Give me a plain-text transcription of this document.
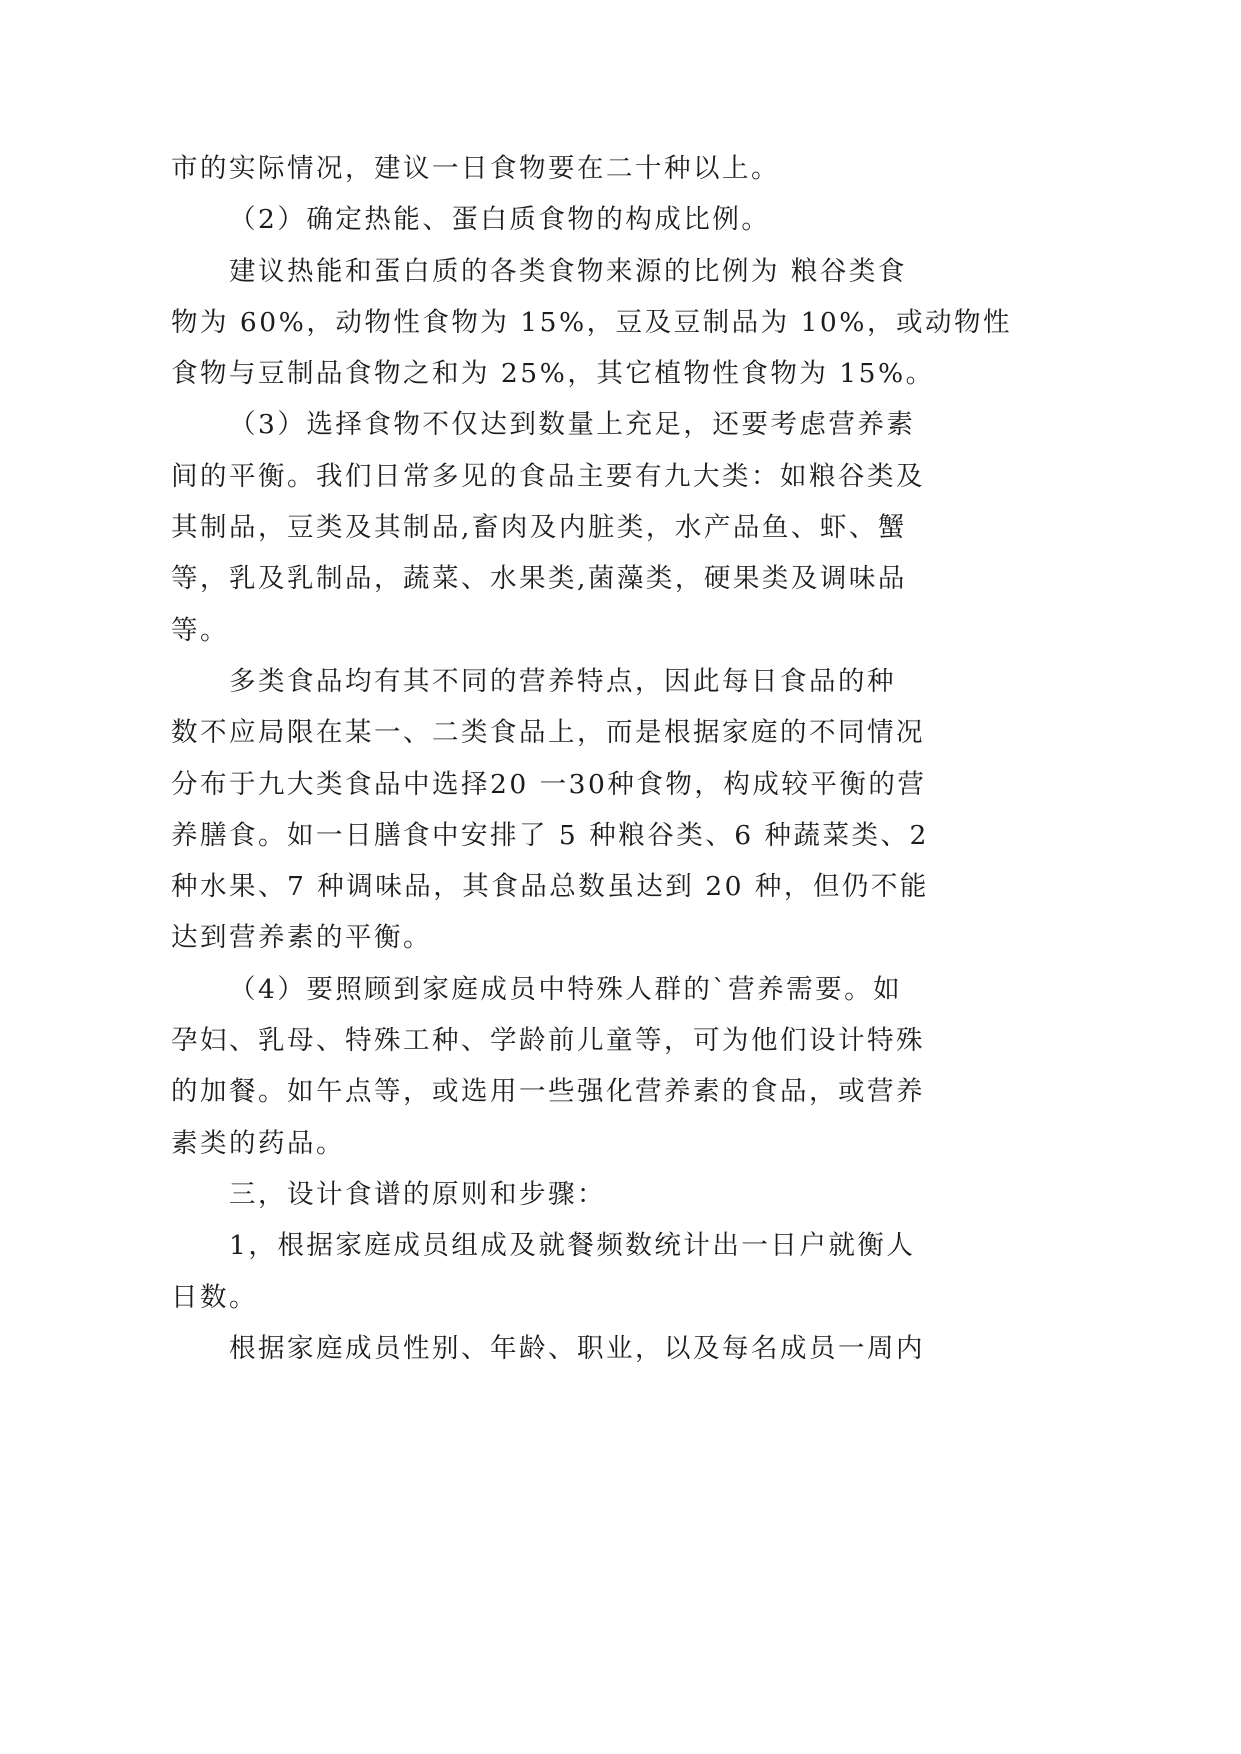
市的实际情况，建议一日食物要在二十种以上。
（2）确定热能、蛋白质食物的构成比例。
建议热能和蛋白质的各类食物来源的比例为 粮谷类食
物为 60%，动物性食物为 15%，豆及豆制品为 10%，或动物性
食物与豆制品食物之和为 25%，其它植物性食物为 15%。
（3）选择食物不仅达到数量上充足，还要考虑营养素
间的平衡。我们日常多见的食品主要有九大类：如粮谷类及
其制品，豆类及其制品,畜肉及内脏类，水产品鱼、虾、蟹
等，乳及乳制品，蔬菜、水果类,菌藻类，硬果类及调味品
等。
多类食品均有其不同的营养特点，因此每日食品的种
数不应局限在某一、二类食品上，而是根据家庭的不同情况
分布于九大类食品中选择20 一30种食物，构成较平衡的营
养膳食。如一日膳食中安排了 5 种粮谷类、6 种蔬菜类、2
种水果、7 种调味品，其食品总数虽达到 20 种，但仍不能
达到营养素的平衡。
（4）要照顾到家庭成员中特殊人群的`营养需要。如
孕妇、乳母、特殊工种、学龄前儿童等，可为他们设计特殊
的加餐。如午点等，或选用一些强化营养素的食品，或营养
素类的药品。
三，设计食谱的原则和步骤：
1，根据家庭成员组成及就餐频数统计出一日户就衡人
日数。
根据家庭成员性别、年龄、职业，以及每名成员一周内
